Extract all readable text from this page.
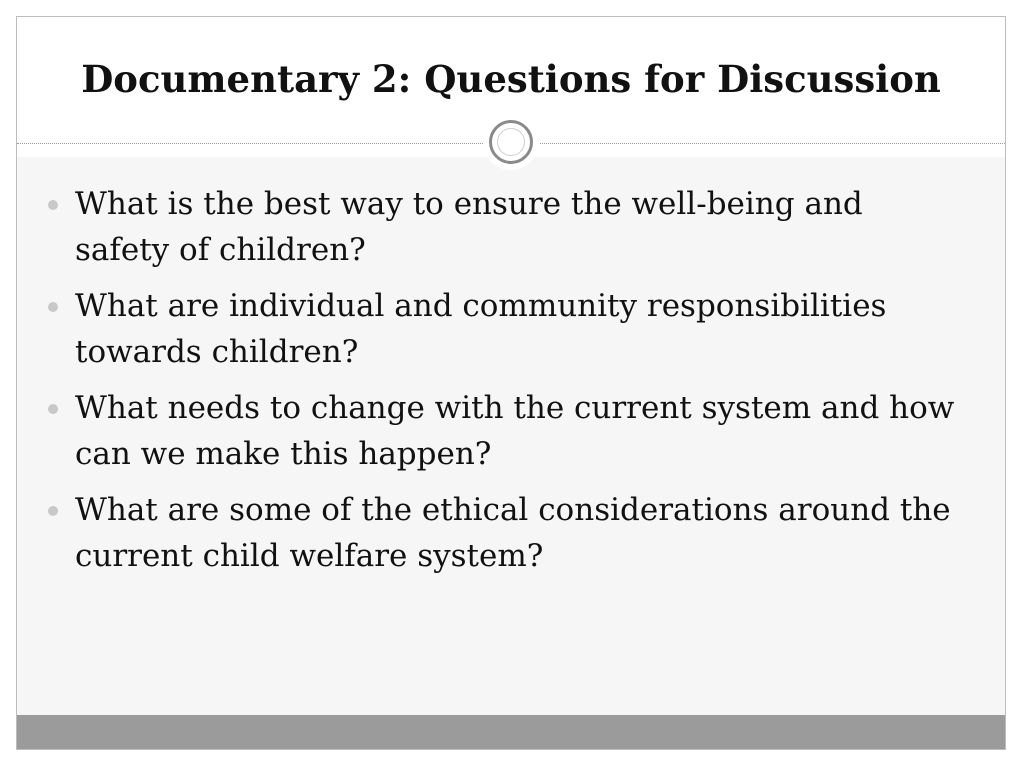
Documentary 2: Questions for Discussion
What is the best way to ensure the well-being and safety of children?
What are individual and community responsibilities towards children?
What needs to change with the current system and how can we make this happen?
What are some of the ethical considerations around the current child welfare system?
